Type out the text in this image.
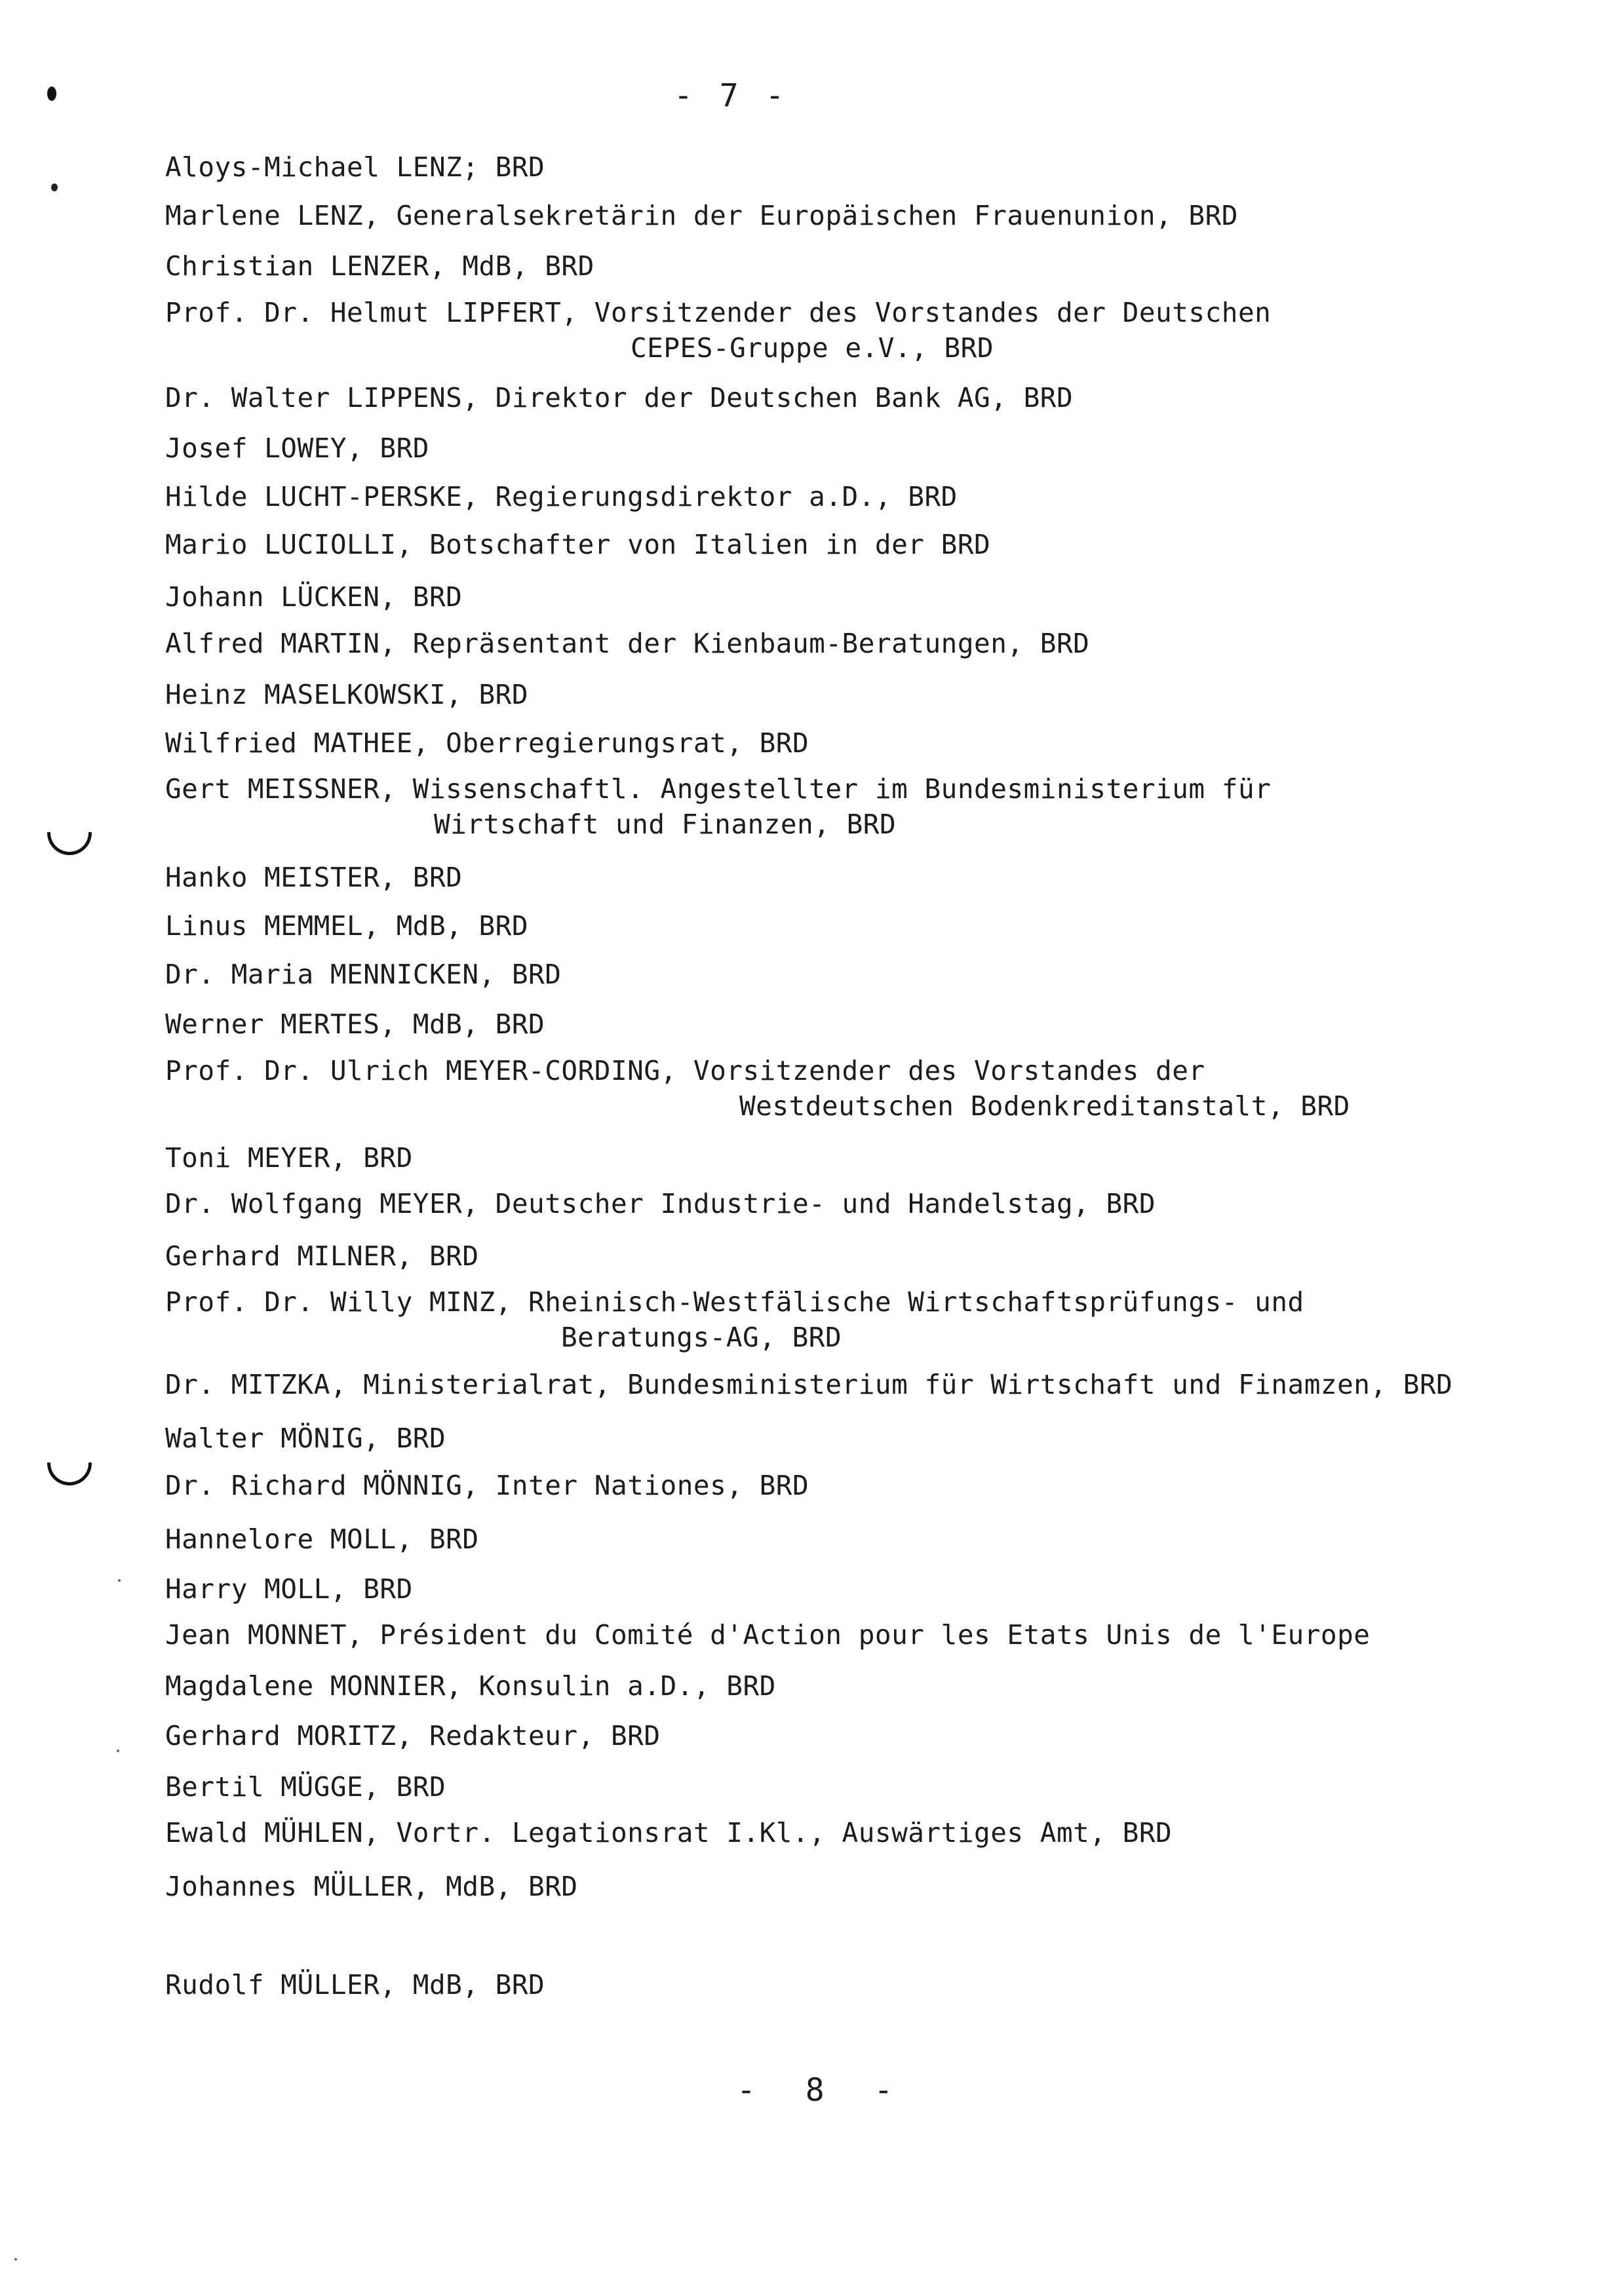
- 7 -
Aloys-Michael LENZ; BRD
Marlene LENZ, Generalsekretärin der Europäischen Frauenunion, BRD
Christian LENZER, MdB, BRD
Prof. Dr. Helmut LIPFERT, Vorsitzender des Vorstandes der Deutschen
CEPES-Gruppe e.V., BRD
Dr. Walter LIPPENS, Direktor der Deutschen Bank AG, BRD
Josef LOWEY, BRD
Hilde LUCHT-PERSKE, Regierungsdirektor a.D., BRD
Mario LUCIOLLI, Botschafter von Italien in der BRD
Johann LÜCKEN, BRD
Alfred MARTIN, Repräsentant der Kienbaum-Beratungen, BRD
Heinz MASELKOWSKI, BRD
Wilfried MATHEE, Oberregierungsrat, BRD
Gert MEISSNER, Wissenschaftl. Angestellter im Bundesministerium für
Wirtschaft und Finanzen, BRD
Hanko MEISTER, BRD
Linus MEMMEL, MdB, BRD
Dr. Maria MENNICKEN, BRD
Werner MERTES, MdB, BRD
Prof. Dr. Ulrich MEYER-CORDING, Vorsitzender des Vorstandes der
Westdeutschen Bodenkreditanstalt, BRD
Toni MEYER, BRD
Dr. Wolfgang MEYER, Deutscher Industrie- und Handelstag, BRD
Gerhard MILNER, BRD
Prof. Dr. Willy MINZ, Rheinisch-Westfälische Wirtschaftsprüfungs- und
Beratungs-AG, BRD
Dr. MITZKA, Ministerialrat, Bundesministerium für Wirtschaft und Finamzen, BRD
Walter MÖNIG, BRD
Dr. Richard MÖNNIG, Inter Nationes, BRD
Hannelore MOLL, BRD
Harry MOLL, BRD
Jean MONNET, Président du Comité d'Action pour les Etats Unis de l'Europe
Magdalene MONNIER, Konsulin a.D., BRD
Gerhard MORITZ, Redakteur, BRD
Bertil MÜGGE, BRD
Ewald MÜHLEN, Vortr. Legationsrat I.Kl., Auswärtiges Amt, BRD
Johannes MÜLLER, MdB, BRD
Rudolf MÜLLER, MdB, BRD
-  8  -
